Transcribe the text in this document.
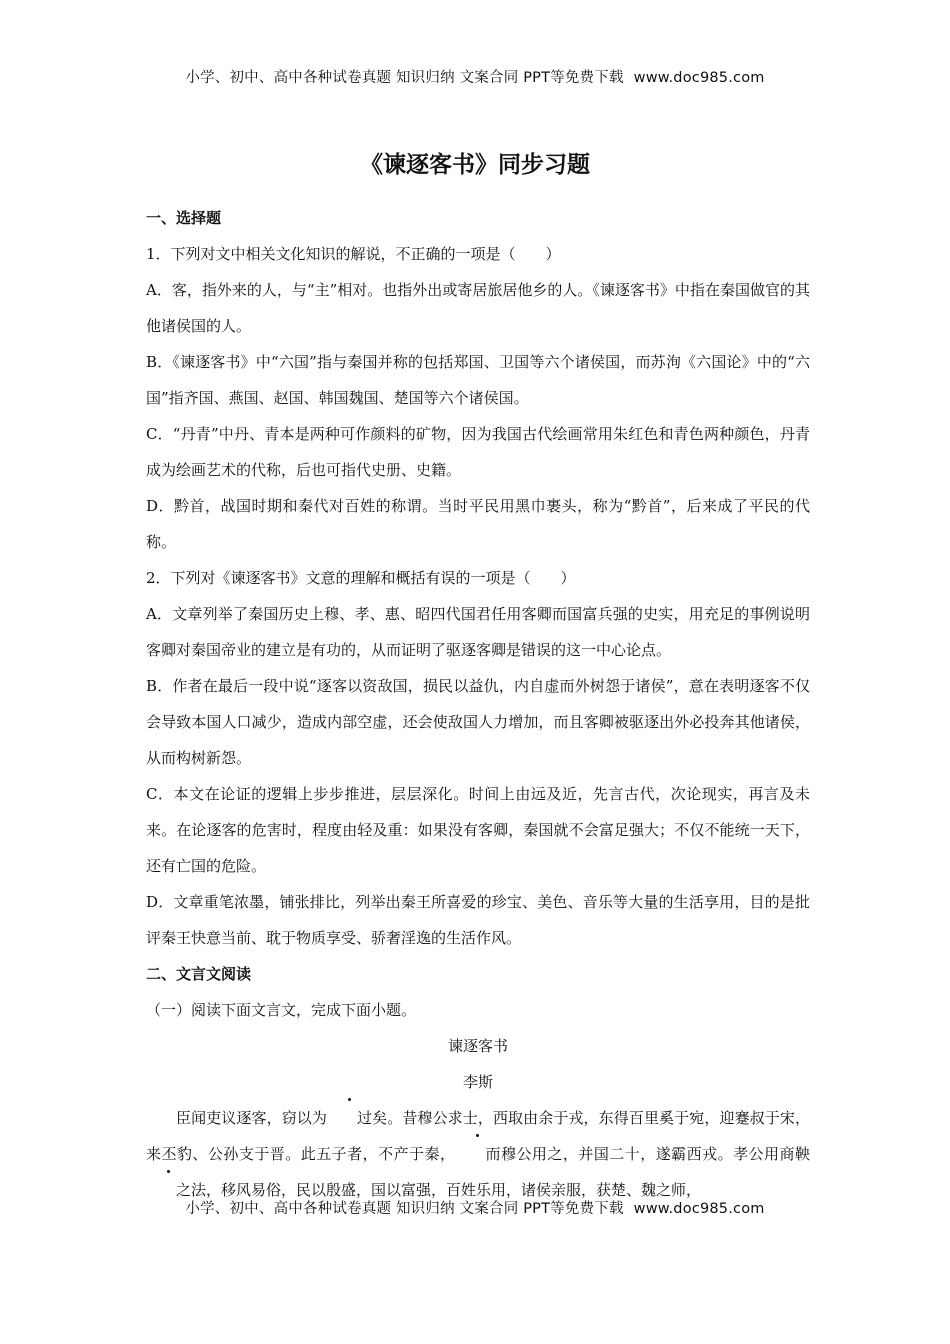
小学、初中、高中各种试卷真题 知识归纳 文案合同 PPT等免费下载 www.doc985.com
《谏逐客书》同步习题

一、选择题

1．下列对文中相关文化知识的解说，不正确的一项是（　　）

A．客，指外来的人，与“主”相对。也指外出或寄居旅居他乡的人。《谏逐客书》中指在秦国做官的其他诸侯国的人。

B．《谏逐客书》中“六国”指与秦国并称的包括郑国、卫国等六个诸侯国，而苏洵《六国论》中的“六国”指齐国、燕国、赵国、韩国魏国、楚国等六个诸侯国。

C．“丹青”中丹、青本是两种可作颜料的矿物，因为我国古代绘画常用朱红色和青色两种颜色，丹青成为绘画艺术的代称，后也可指代史册、史籍。

D．黔首，战国时期和秦代对百姓的称谓。当时平民用黑巾裹头，称为“黔首”，后来成了平民的代称。

2．下列对《谏逐客书》文意的理解和概括有误的一项是（　　）

A．文章列举了秦国历史上穆、孝、惠、昭四代国君任用客卿而国富兵强的史实，用充足的事例说明客卿对秦国帝业的建立是有功的，从而证明了驱逐客卿是错误的这一中心论点。

B．作者在最后一段中说“逐客以资敌国，损民以益仇，内自虚而外树怨于诸侯”，意在表明逐客不仅会导致本国人口减少，造成内部空虚，还会使敌国人力增加，而且客卿被驱逐出外必投奔其他诸侯，从而构树新怨。

C．本文在论证的逻辑上步步推进，层层深化。时间上由远及近，先言古代，次论现实，再言及未来。在论逐客的危害时，程度由轻及重：如果没有客卿，秦国就不会富足强大；不仅不能统一天下，还有亡国的危险。

D．文章重笔浓墨，铺张排比，列举出秦王所喜爱的珍宝、美色、音乐等大量的生活享用，目的是批评秦王快意当前、耽于物质享受、骄奢淫逸的生活作风。

二、文言文阅读

（一）阅读下面文言文，完成下面小题。

谏逐客书

李斯

臣闻吏议逐客，窃以为 过矣。昔穆公求士，西取由余于戎，东得百里奚于宛，迎蹇叔于宋，来丕豹、公孙支于晋。此五子者，不产于秦， 而穆公用之，并国二十，遂霸西戎。孝公用商鞅之法，移风易俗，民以殷盛，国以富强，百姓乐用，诸侯亲服，获楚、魏之师，

小学、初中、高中各种试卷真题 知识归纳 文案合同 PPT等免费下载 www.doc985.com
